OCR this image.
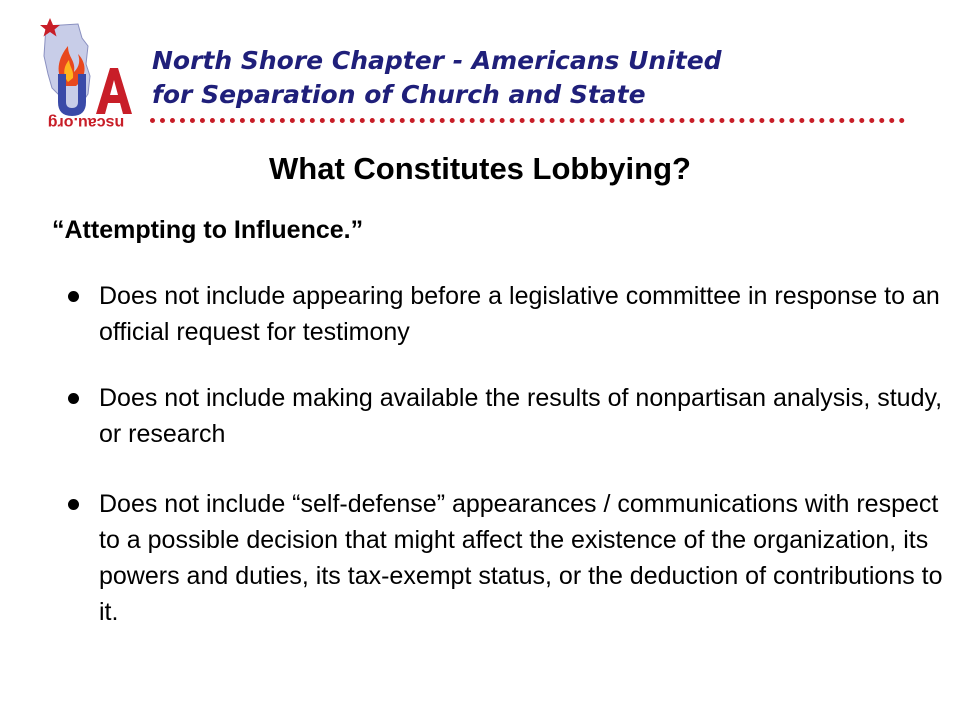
nscau.org
North Shore Chapter - Americans United
for Separation of Church and State
What Constitutes Lobbying?
“Attempting to Influence.”
Does not include appearing before a legislative committee in response to an official request for testimony
Does not include making available the results of nonpartisan analysis, study, or research
Does not include “self-defense” appearances / communications with respect to a possible decision that might affect the existence of the organization, its powers and duties, its tax-exempt status, or the deduction of contributions to it.
